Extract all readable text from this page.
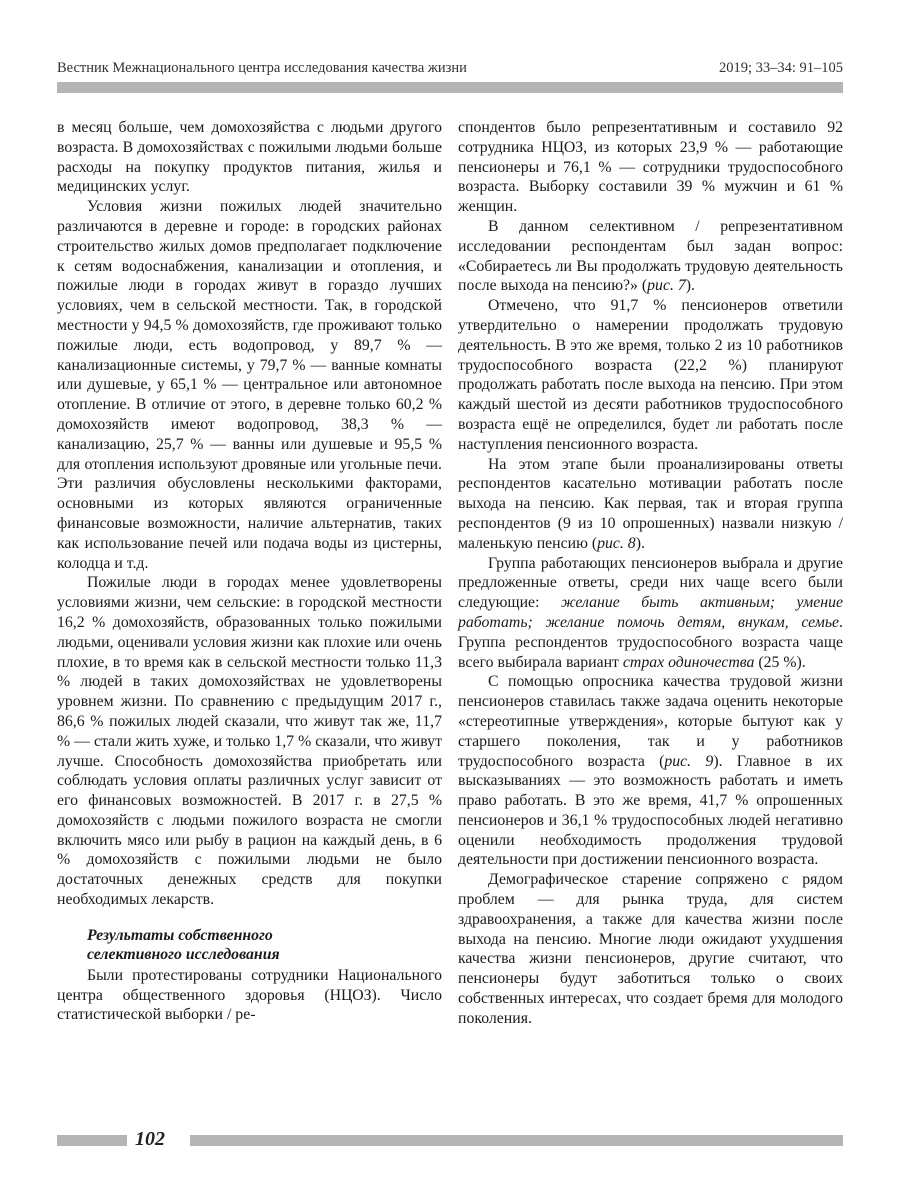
Вестник Межнационального центра исследования качества жизни	2019; 33–34: 91–105

в месяц больше, чем домохозяйства с людьми другого возраста. В домохозяйствах с пожилыми людьми больше расходы на покупку продуктов питания, жилья и медицинских услуг.

Условия жизни пожилых людей значительно различаются в деревне и городе: в городских районах строительство жилых домов предполагает подключение к сетям водоснабжения, канализации и отопления, и пожилые люди в городах живут в гораздо лучших условиях, чем в сельской местности. Так, в городской местности у 94,5 % домохозяйств, где проживают только пожилые люди, есть водопровод, у 89,7 % — канализационные системы, у 79,7 % — ванные комнаты или душевые, у 65,1 % — центральное или автономное отопление. В отличие от этого, в деревне только 60,2 % домохозяйств имеют водопровод, 38,3 % — канализацию, 25,7 % — ванны или душевые и 95,5 % для отопления используют дровяные или угольные печи. Эти различия обусловлены несколькими факторами, основными из которых являются ограниченные финансовые возможности, наличие альтернатив, таких как использование печей или подача воды из цистерны, колодца и т.д.

Пожилые люди в городах менее удовлетворены условиями жизни, чем сельские: в городской местности 16,2 % домохозяйств, образованных только пожилыми людьми, оценивали условия жизни как плохие или очень плохие, в то время как в сельской местности только 11,3 % людей в таких домохозяйствах не удовлетворены уровнем жизни. По сравнению с предыдущим 2017 г., 86,6 % пожилых людей сказали, что живут так же, 11,7 % — стали жить хуже, и только 1,7 % сказали, что живут лучше. Способность домохозяйства приобретать или соблюдать условия оплаты различных услуг зависит от его финансовых возможностей. В 2017 г. в 27,5 % домохозяйств с людьми пожилого возраста не смогли включить мясо или рыбу в рацион на каждый день, в 6 % домохозяйств с пожилыми людьми не было достаточных денежных средств для покупки необходимых лекарств.

Результаты собственного
селективного исследования

Были протестированы сотрудники Национального центра общественного здоровья (НЦОЗ). Число статистической выборки / ре-

спондентов было репрезентативным и составило 92 сотрудника НЦОЗ, из которых 23,9 % — работающие пенсионеры и 76,1 % — сотрудники трудоспособного возраста. Выборку составили 39 % мужчин и 61 % женщин.

В данном селективном / репрезентативном исследовании респондентам был задан вопрос: «Собираетесь ли Вы продолжать трудовую деятельность после выхода на пенсию?» (рис. 7).

Отмечено, что 91,7 % пенсионеров ответили утвердительно о намерении продолжать трудовую деятельность. В это же время, только 2 из 10 работников трудоспособного возраста (22,2 %) планируют продолжать работать после выхода на пенсию. При этом каждый шестой из десяти работников трудоспособного возраста ещё не определился, будет ли работать после наступления пенсионного возраста.

На этом этапе были проанализированы ответы респондентов касательно мотивации работать после выхода на пенсию. Как первая, так и вторая группа респондентов (9 из 10 опрошенных) назвали низкую / маленькую пенсию (рис. 8).

Группа работающих пенсионеров выбрала и другие предложенные ответы, среди них чаще всего были следующие: желание быть активным; умение работать; желание помочь детям, внукам, семье. Группа респондентов трудоспособного возраста чаще всего выбирала вариант страх одиночества (25 %).

С помощью опросника качества трудовой жизни пенсионеров ставилась также задача оценить некоторые «стереотипные утверждения», которые бытуют как у старшего поколения, так и у работников трудоспособного возраста (рис. 9). Главное в их высказываниях — это возможность работать и иметь право работать. В это же время, 41,7 % опрошенных пенсионеров и 36,1 % трудоспособных людей негативно оценили необходимость продолжения трудовой деятельности при достижении пенсионного возраста.

Демографическое старение сопряжено с рядом проблем — для рынка труда, для систем здравоохранения, а также для качества жизни после выхода на пенсию. Многие люди ожидают ухудшения качества жизни пенсионеров, другие считают, что пенсионеры будут заботиться только о своих собственных интересах, что создает бремя для молодого поколения.

102
